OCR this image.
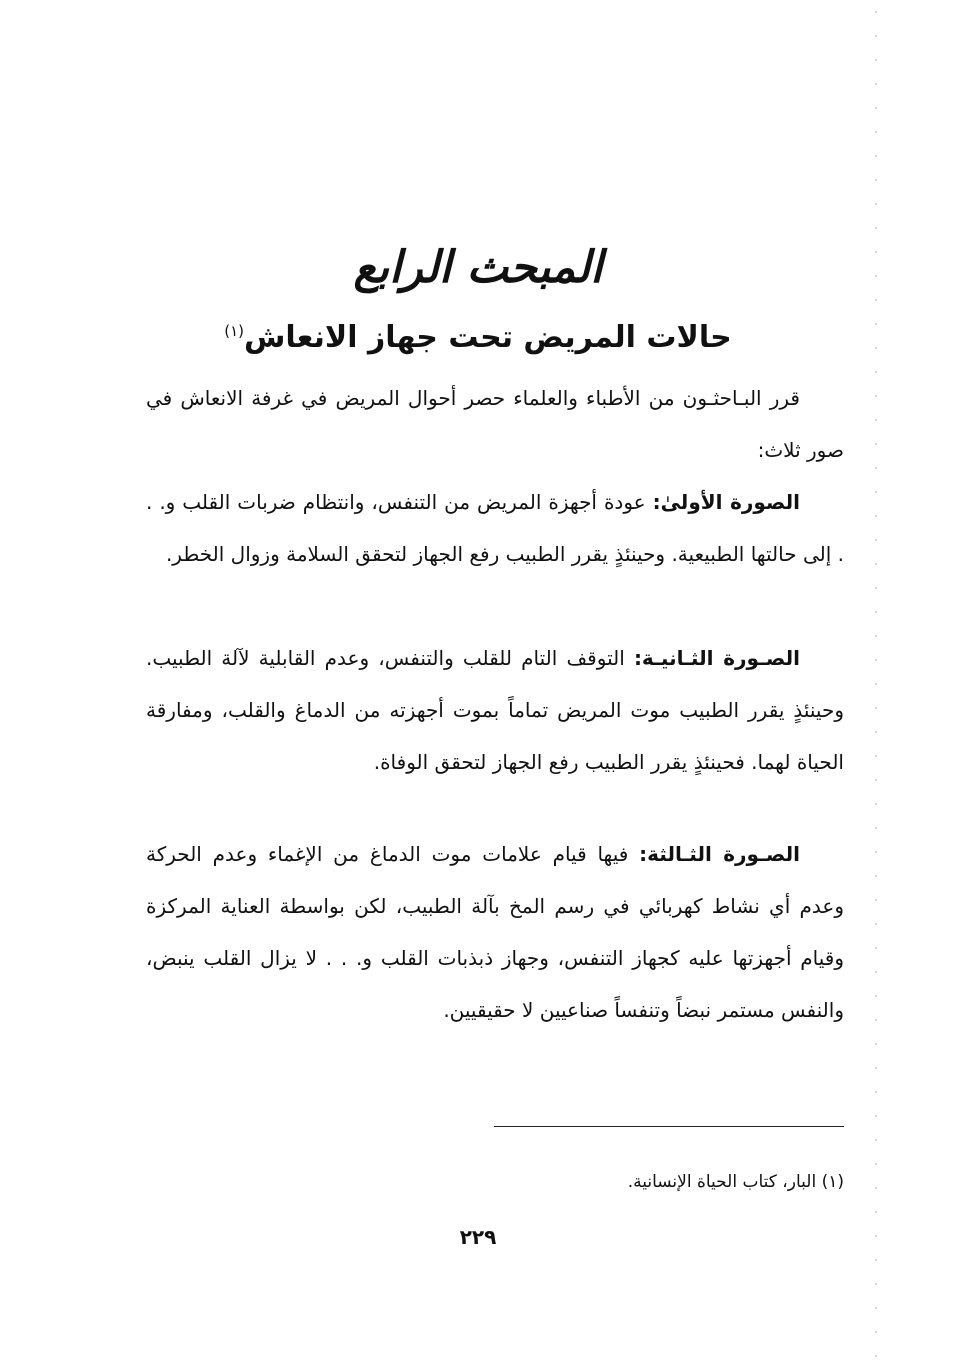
المبحث الرابع
حالات المريض تحت جهاز الانعاش$^{(١)}$

قرر البـاحثـون من الأطباء والعلماء حصر أحوال المريض في غرفة الانعاش في صور ثلاث:

الصورة الأولىٰ: عودة أجهزة المريض من التنفس، وانتظام ضربات القلب و. . . إلى حالتها الطبيعية. وحينئذٍ يقرر الطبيب رفع الجهاز لتحقق السلامة وزوال الخطر.

الصـورة الثـانيـة: التوقف التام للقلب والتنفس، وعدم القابلية لآلة الطبيب. وحينئذٍ يقرر الطبيب موت المريض تماماً بموت أجهزته من الدماغ والقلب، ومفارقة الحياة لهما. فحينئذٍ يقرر الطبيب رفع الجهاز لتحقق الوفاة.

الصـورة الثـالثة: فيها قيام علامات موت الدماغ من الإغماء وعدم الحركة وعدم أي نشاط كهربائي في رسم المخ بآلة الطبيب، لكن بواسطة العناية المركزة وقيام أجهزتها عليه كجهاز التنفس، وجهاز ذبذبات القلب و. . . لا يزال القلب ينبض، والنفس مستمر نبضاً وتنفساً صناعيين لا حقيقيين.

(١) البار، كتاب الحياة الإنسانية.
٢٢٩
